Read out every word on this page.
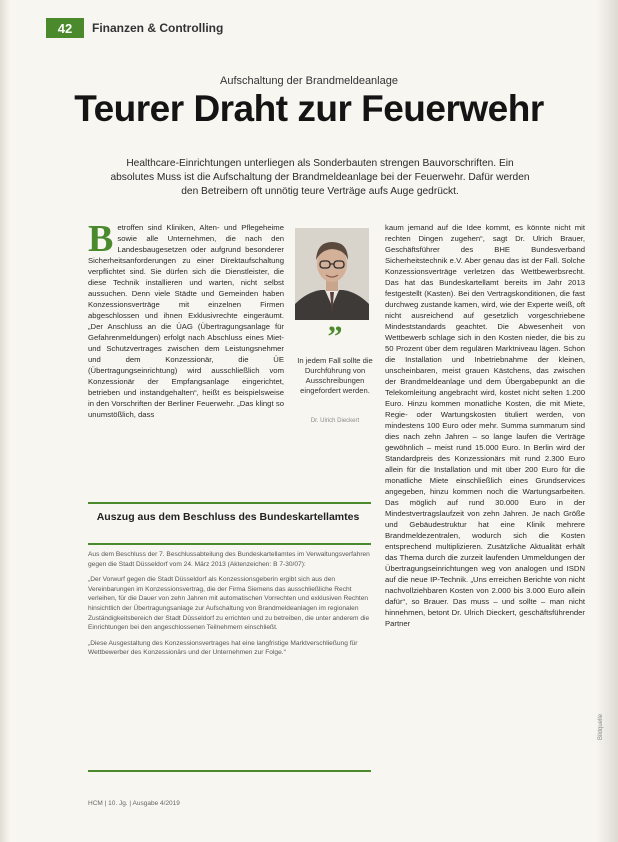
42	Finanzen & Controlling
Aufschaltung der Brandmeldeanlage
Teurer Draht zur Feuerwehr
Healthcare-Einrichtungen unterliegen als Sonderbauten strengen Bauvorschriften. Ein absolutes Muss ist die Aufschaltung der Brandmeldeanlage bei der Feuerwehr. Dafür werden den Betreibern oft unnötig teure Verträge aufs Auge gedrückt.
B etroffen sind Kliniken, Alten- und Pflegeheime sowie alle Unternehmen, die nach den Landesbaugesetzen oder aufgrund besonderer Sicherheitsanforderungen zu einer Direktaufschaltung verpflichtet sind. Sie dürfen sich die Dienstleister, die diese Technik installieren und warten, nicht selbst aussuchen. Denn viele Städte und Gemeinden haben Konzessionsverträge mit einzelnen Firmen abgeschlossen und ihnen Exklusivrechte eingeräumt. „Der Anschluss an die ÜAG (Übertragungsanlage für Gefahrenmeldungen) erfolgt nach Abschluss eines Miet- und Schutzvertrages zwischen dem Leistungsnehmer und dem Konzessionär, die ÜE (Übertragungseinrichtung) wird ausschließlich vom Konzessionär der Empfangsanlage eingerichtet, betrieben und instandgehalten“, heißt es beispielsweise in den Vorschriften der Berliner Feuerwehr. „Das klingt so unumstößlich, dass

”
In jedem Fall sollte die Durchführung von Ausschreibungen eingefordert werden.
Dr. Ulrich Dieckert
Auszug aus dem Beschluss des Bundeskartellamtes

Aus dem Beschluss der 7. Beschlussabteilung des Bundeskartellamtes im Verwaltungsverfahren gegen die Stadt Düsseldorf vom 24. März 2013 (Aktenzeichen: B 7-30/07):

„Der Vorwurf gegen die Stadt Düsseldorf als Konzessionsgeberin ergibt sich aus den Vereinbarungen im Konzessionsvertrag, die der Firma Siemens das ausschließliche Recht verleihen, für die Dauer von zehn Jahren mit automatischen Vorrechten und exklusiven Rechten hinsichtlich der Übertragungsanlage zur Aufschaltung von Brandmeldeanlagen im regionalen Zuständigkeitsbereich der Stadt Düsseldorf zu errichten und zu betreiben, die unter anderem die Einrichtungen bei den angeschlossenen Teilnehmern einschließt.

„Diese Ausgestaltung des Konzessionsvertrages hat eine langfristige Marktverschließung für Wettbewerber des Konzessionärs und der Unternehmen zur Folge.“

kaum jemand auf die Idee kommt, es könnte nicht mit rechten Dingen zugehen“, sagt Dr. Ulrich Brauer, Geschäftsführer des BHE Bundesverband Sicherheitstechnik e.V. Aber genau das ist der Fall. Solche Konzessionsverträge verletzen das Wettbewerbsrecht. Das hat das Bundeskartellamt bereits im Jahr 2013 festgestellt (Kasten). Bei den Vertragskonditionen, die fast durchweg zustande kamen, wird, wie der Experte weiß, oft nicht ausreichend auf gesetzlich vorgeschriebene Mindeststandards geachtet. Die Abwesenheit von Wettbewerb schlage sich in den Kosten nieder, die bis zu 50 Prozent über dem regulären Marktniveau lägen. Schon die Installation und Inbetriebnahme der kleinen, unscheinbaren, meist grauen Kästchens, das zwischen der Brandmeldeanlage und dem Übergabepunkt an die Telekomleitung angebracht wird, kostet nicht selten 1.200 Euro. Hinzu kommen monatliche Kosten, die mit Miete, Regie- oder Wartungskosten tituliert werden, von mindestens 100 Euro oder mehr. Summa summarum sind dies nach zehn Jahren – so lange laufen die Verträge gewöhnlich – meist rund 15.000 Euro. In Berlin wird der Standardpreis des Konzessionärs mit rund 2.300 Euro allein für die Installation und mit über 200 Euro für die monatliche Miete einschließlich eines Grundservices angegeben, hinzu kommen noch die Wartungsarbeiten. Das möglich auf rund 30.000 Euro in der Mindestvertragslaufzeit von zehn Jahren. Je nach Größe und Gebäudestruktur hat eine Klinik mehrere Brandmeldezentralen, wodurch sich die Kosten entsprechend multiplizieren. Zusätzliche Aktualität erhält das Thema durch die zurzeit laufenden Ummeldungen der Übertragungseinrichtungen weg von analogen und ISDN auf die neue IP-Technik. „Uns erreichen Berichte von nicht nachvollziehbaren Kosten von 2.000 bis 3.000 Euro allein dafür“, so Brauer. Das muss – und sollte – man nicht hinnehmen, betont Dr. Ulrich Dieckert, geschäftsführender Partner

HCM | 10. Jg. | Ausgabe 4/2019
Bildquelle
